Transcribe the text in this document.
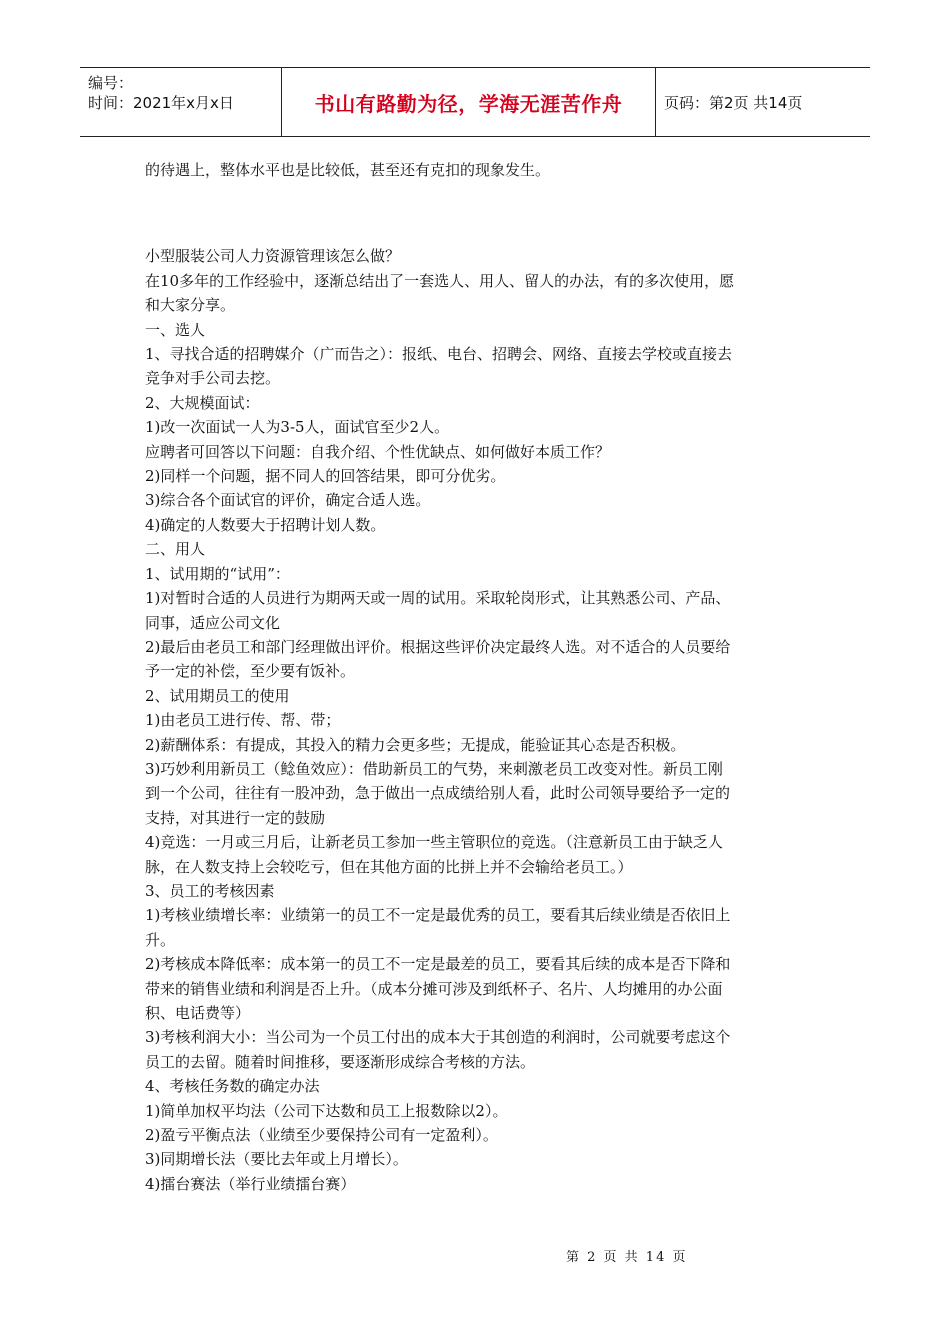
编号：
时间：2021年x月x日	书山有路勤为径，学海无涯苦作舟	页码：第2页 共14页
的待遇上，整体水平也是比较低，甚至还有克扣的现象发生。
小型服装公司人力资源管理该怎么做？
在10多年的工作经验中，逐渐总结出了一套选人、用人、留人的办法，有的多次使用，愿
和大家分享。
一、选人
1、寻找合适的招聘媒介（广而告之）：报纸、电台、招聘会、网络、直接去学校或直接去
竞争对手公司去挖。
2、大规模面试：
1)改一次面试一人为3-5人，面试官至少2人。
应聘者可回答以下问题：自我介绍、个性优缺点、如何做好本质工作？
2)同样一个问题，据不同人的回答结果，即可分优劣。
3)综合各个面试官的评价，确定合适人选。
4)确定的人数要大于招聘计划人数。
二、用人
1、试用期的“试用”：
1)对暂时合适的人员进行为期两天或一周的试用。采取轮岗形式，让其熟悉公司、产品、
同事，适应公司文化
2)最后由老员工和部门经理做出评价。根据这些评价决定最终人选。对不适合的人员要给
予一定的补偿，至少要有饭补。
2、试用期员工的使用
1)由老员工进行传、帮、带；
2)薪酬体系：有提成，其投入的精力会更多些；无提成，能验证其心态是否积极。
3)巧妙利用新员工（鲶鱼效应）：借助新员工的气势，来刺激老员工改变对性。新员工刚
到一个公司，往往有一股冲劲，急于做出一点成绩给别人看，此时公司领导要给予一定的
支持，对其进行一定的鼓励
4)竞选：一月或三月后，让新老员工参加一些主管职位的竞选。（注意新员工由于缺乏人
脉，在人数支持上会较吃亏，但在其他方面的比拼上并不会输给老员工。）
3、员工的考核因素
1)考核业绩增长率：业绩第一的员工不一定是最优秀的员工，要看其后续业绩是否依旧上
升。
2)考核成本降低率：成本第一的员工不一定是最差的员工，要看其后续的成本是否下降和
带来的销售业绩和利润是否上升。（成本分摊可涉及到纸杯子、名片、人均摊用的办公面
积、电话费等）
3)考核利润大小：当公司为一个员工付出的成本大于其创造的利润时，公司就要考虑这个
员工的去留。随着时间推移，要逐渐形成综合考核的方法。
4、考核任务数的确定办法
1)简单加权平均法（公司下达数和员工上报数除以2）。
2)盈亏平衡点法（业绩至少要保持公司有一定盈利）。
3)同期增长法（要比去年或上月增长）。
4)擂台赛法（举行业绩擂台赛）
第 2 页 共 14 页
